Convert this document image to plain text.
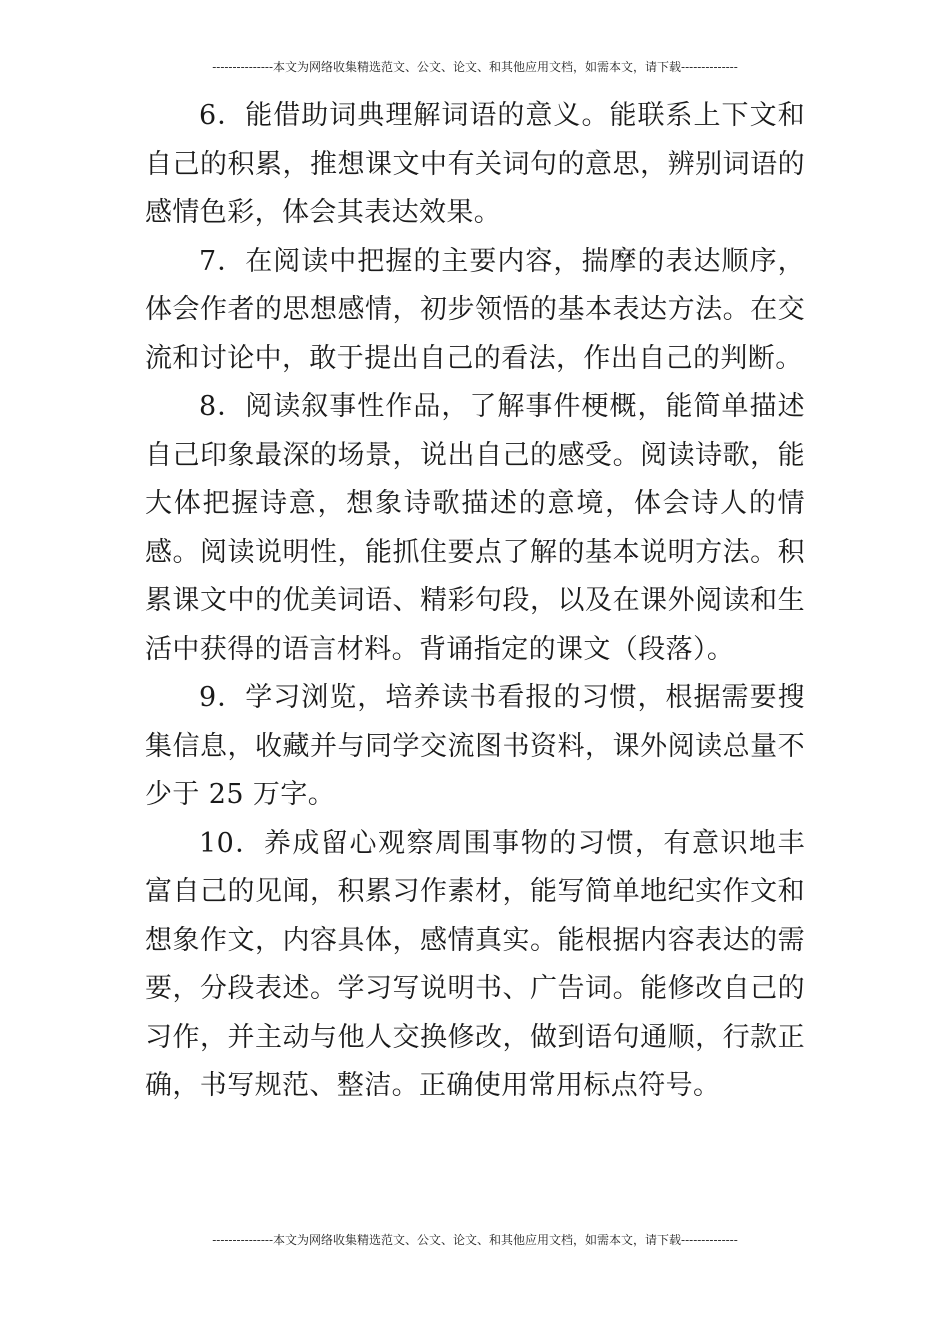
---------------本文为网络收集精选范文、公文、论文、和其他应用文档，如需本文，请下载--------------

6．能借助词典理解词语的意义。能联系上下文和自己的积累，推想课文中有关词句的意思，辨别词语的感情色彩，体会其表达效果。

7．在阅读中把握的主要内容，揣摩的表达顺序，体会作者的思想感情，初步领悟的基本表达方法。在交流和讨论中，敢于提出自己的看法，作出自己的判断。

8．阅读叙事性作品，了解事件梗概，能简单描述自己印象最深的场景，说出自己的感受。阅读诗歌，能大体把握诗意，想象诗歌描述的意境，体会诗人的情感。阅读说明性，能抓住要点了解的基本说明方法。积累课文中的优美词语、精彩句段，以及在课外阅读和生活中获得的语言材料。背诵指定的课文（段落）。

9．学习浏览，培养读书看报的习惯，根据需要搜集信息，收藏并与同学交流图书资料，课外阅读总量不少于 25 万字。

10．养成留心观察周围事物的习惯，有意识地丰富自己的见闻，积累习作素材，能写简单地纪实作文和想象作文，内容具体，感情真实。能根据内容表达的需要，分段表述。学习写说明书、广告词。能修改自己的习作，并主动与他人交换修改，做到语句通顺，行款正确，书写规范、整洁。正确使用常用标点符号。

---------------本文为网络收集精选范文、公文、论文、和其他应用文档，如需本文，请下载--------------
